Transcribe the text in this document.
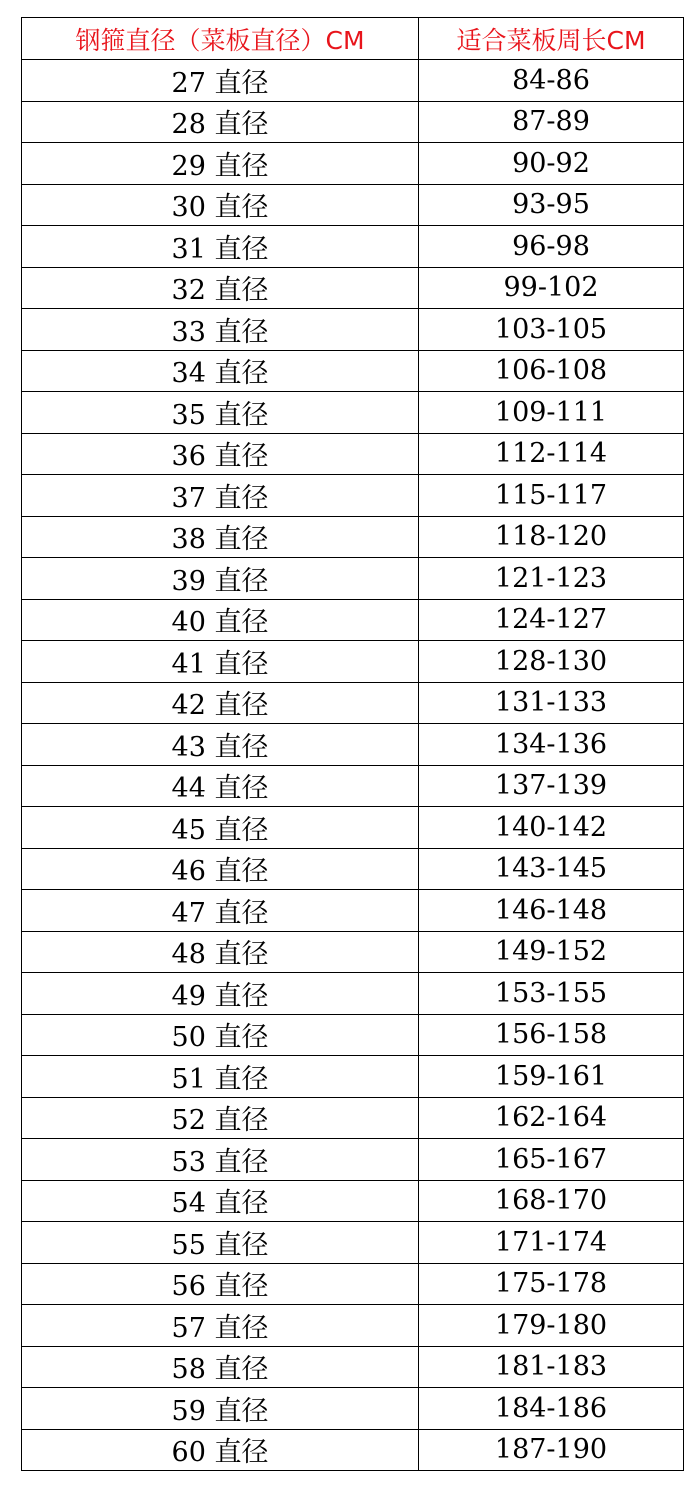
钢箍直径（菜板直径）CM	适合菜板周长CM
27 直径	84-86
28 直径	87-89
29 直径	90-92
30 直径	93-95
31 直径	96-98
32 直径	99-102
33 直径	103-105
34 直径	106-108
35 直径	109-111
36 直径	112-114
37 直径	115-117
38 直径	118-120
39 直径	121-123
40 直径	124-127
41 直径	128-130
42 直径	131-133
43 直径	134-136
44 直径	137-139
45 直径	140-142
46 直径	143-145
47 直径	146-148
48 直径	149-152
49 直径	153-155
50 直径	156-158
51 直径	159-161
52 直径	162-164
53 直径	165-167
54 直径	168-170
55 直径	171-174
56 直径	175-178
57 直径	179-180
58 直径	181-183
59 直径	184-186
60 直径	187-190
